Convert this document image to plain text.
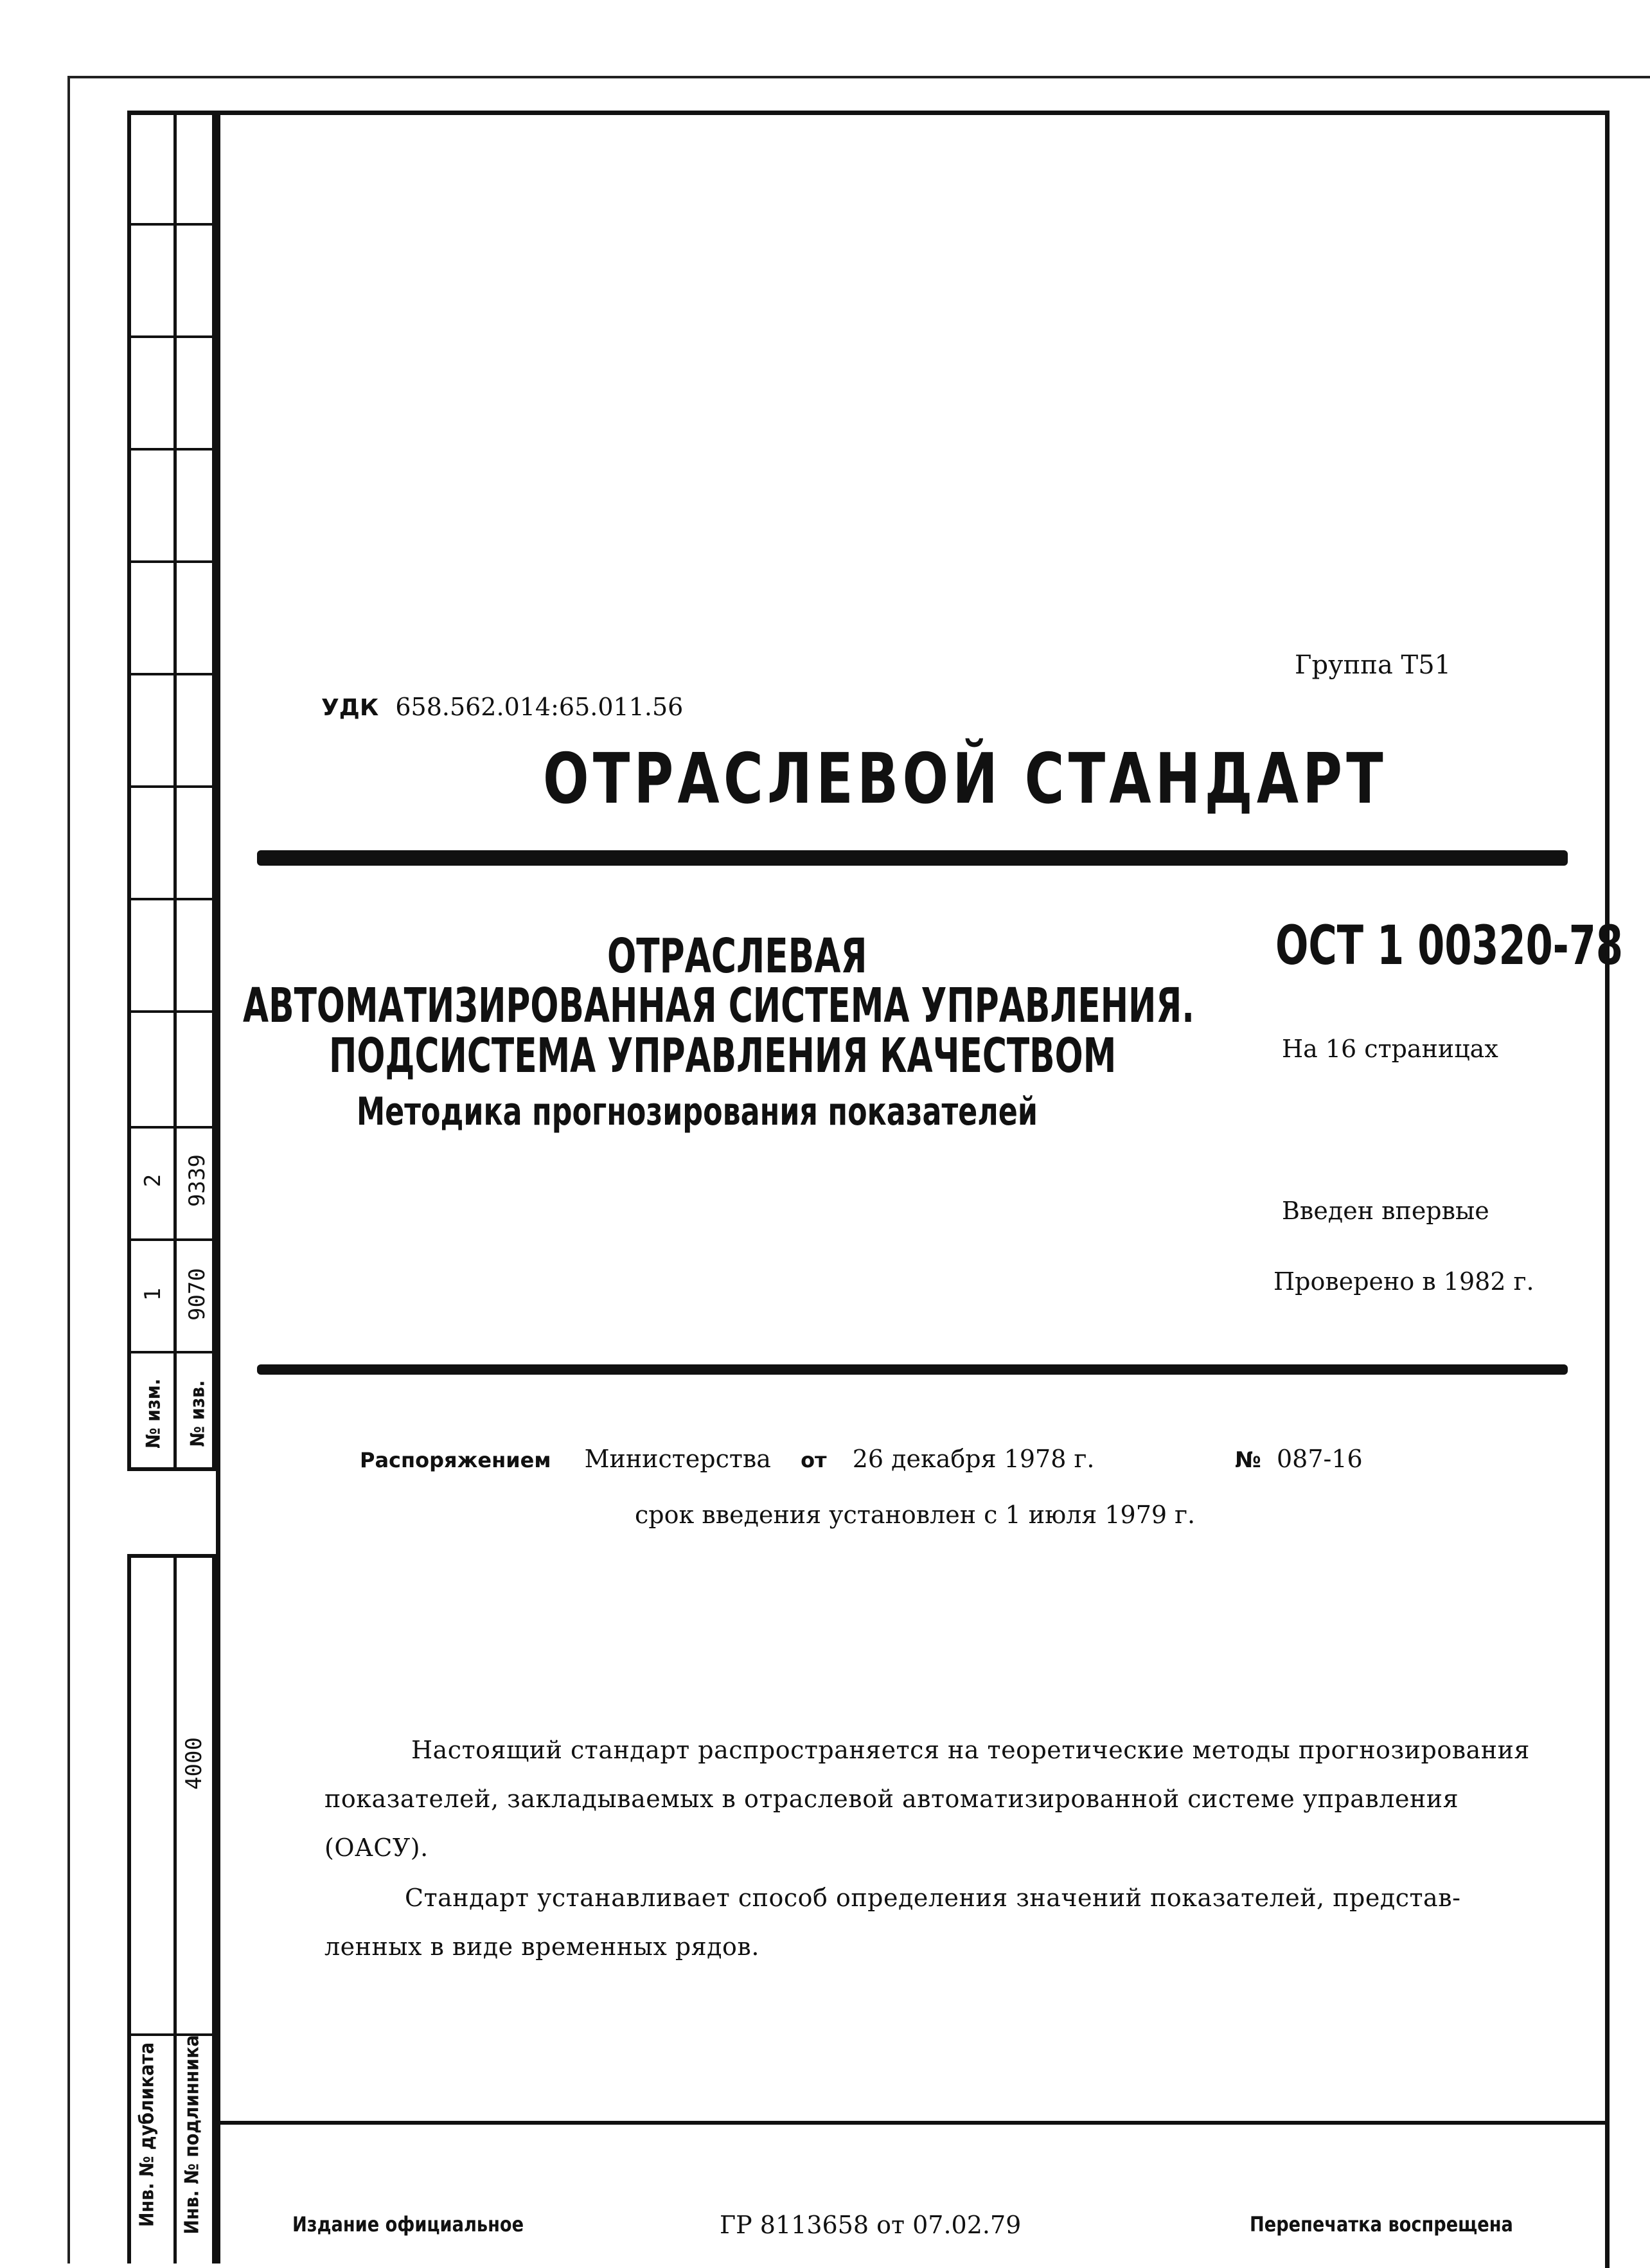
2 9339
1 9070
№ изм. № изв.
4000
Инв. № дубликата Инв. № подлинника
Группа Т51
УДК 658.562.014:65.011.56
ОТРАСЛЕВОЙ СТАНДАРТ
ОСТ 1 00320-78
ОТРАСЛЕВАЯ
АВТОМАТИЗИРОВАННАЯ СИСТЕМА УПРАВЛЕНИЯ.
ПОДСИСТЕМА УПРАВЛЕНИЯ КАЧЕСТВОМ
Методика прогнозирования показателей
На 16 страницах
Введен впервые
Проверено в 1982 г.
Распоряжением Министерства от 26 декабря 1978 г.	№ 087-16
срок введения установлен с 1 июля 1979 г.
Настоящий стандарт распространяется на теоретические методы прогнозирования
показателей, закладываемых в отраслевой автоматизированной системе управления
(ОАСУ).
Стандарт устанавливает способ определения значений показателей, представ-
ленных в виде временных рядов.
Издание официальное	ГР 8113658 от 07.02.79	Перепечатка воспрещена
